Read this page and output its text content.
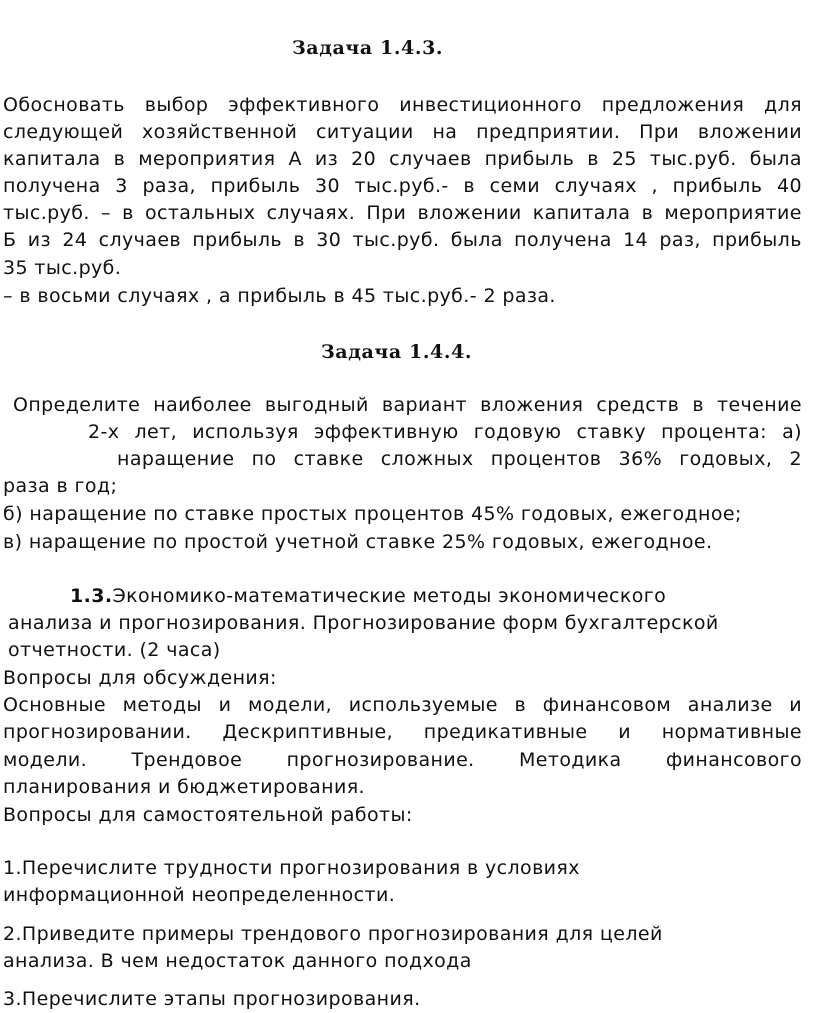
Задача 1.4.3.
Обосновать выбор эффективного инвестиционного предложения для
следующей хозяйственной ситуации на предприятии. При вложении
капитала в мероприятия А из 20 случаев прибыль в 25 тыс.руб. была
получена 3 раза, прибыль 30 тыс.руб.- в семи случаях , прибыль 40
тыс.руб. – в остальных случаях. При вложении капитала в мероприятие
Б из 24 случаев прибыль в 30 тыс.руб. была получена 14 раз, прибыль
35 тыс.руб.
– в восьми случаях , а прибыль в 45 тыс.руб.- 2 раза.
Задача 1.4.4.
Определите наиболее выгодный вариант вложения средств в течение
2-х лет, используя эффективную годовую ставку процента: а)
наращение по ставке сложных процентов 36% годовых, 2
раза в год;
б) наращение по ставке простых процентов 45% годовых, ежегодное;
в) наращение по простой учетной ставке 25% годовых, ежегодное.
1.3.Экономико-математические методы экономического
анализа и прогнозирования. Прогнозирование форм бухгалтерской
отчетности. (2 часа)
Вопросы для обсуждения:
Основные методы и модели, используемые в финансовом анализе и
прогнозировании. Дескриптивные, предикативные и нормативные
модели. Трендовое прогнозирование. Методика финансового
планирования и бюджетирования.
Вопросы для самостоятельной работы:
1.Перечислите трудности прогнозирования в условиях
информационной неопределенности.
2.Приведите примеры трендового прогнозирования для целей
анализа. В чем недостаток данного подхода
3.Перечислите этапы прогнозирования.
